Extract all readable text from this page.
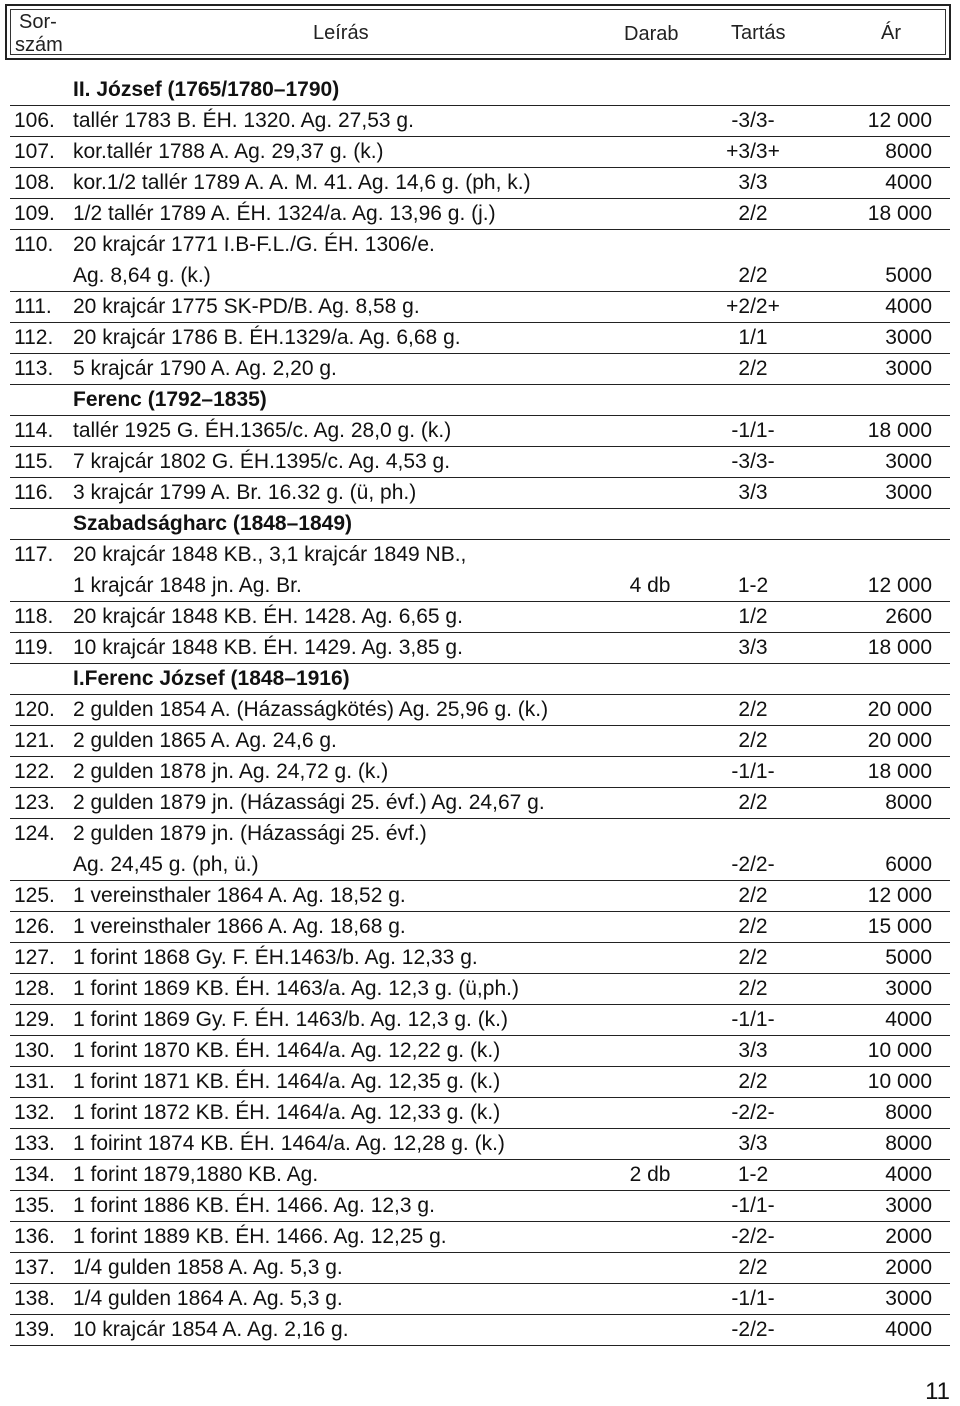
Sor-
szám
Leírás	Darab	Tartás	Ár
II. József (1765/1780–1790)
106. tallér 1783 B. ÉH. 1320. Ag. 27,53 g.	-3/3-	12 000
107. kor.tallér 1788 A. Ag. 29,37 g. (k.)	+3/3+	8000
108. kor.1/2 tallér 1789 A. A. M. 41. Ag. 14,6 g. (ph, k.)	3/3	4000
109. 1/2 tallér 1789 A. ÉH. 1324/a. Ag. 13,96 g. (j.)	2/2	18 000
110. 20 krajcár 1771 I.B-F.L./G. ÉH. 1306/e.
Ag. 8,64 g. (k.)	2/2	5000
111. 20 krajcár 1775 SK-PD/B. Ag. 8,58 g.	+2/2+	4000
112. 20 krajcár 1786 B. ÉH.1329/a. Ag. 6,68 g.	1/1	3000
113. 5 krajcár 1790 A. Ag. 2,20 g.	2/2	3000
Ferenc (1792–1835)
114. tallér 1925 G. ÉH.1365/c. Ag. 28,0 g. (k.)	-1/1-	18 000
115. 7 krajcár 1802 G. ÉH.1395/c. Ag. 4,53 g.	-3/3-	3000
116. 3 krajcár 1799 A. Br. 16.32 g. (ü, ph.)	3/3	3000
Szabadságharc (1848–1849)
117. 20 krajcár 1848 KB., 3,1 krajcár 1849 NB.,
1 krajcár 1848 jn. Ag. Br.	4 db	1-2	12 000
118. 20 krajcár 1848 KB. ÉH. 1428. Ag. 6,65 g.	1/2	2600
119. 10 krajcár 1848 KB. ÉH. 1429. Ag. 3,85 g.	3/3	18 000
I.Ferenc József (1848–1916)
120. 2 gulden 1854 A. (Házasságkötés) Ag. 25,96 g. (k.)	2/2	20 000
121. 2 gulden 1865 A. Ag. 24,6 g.	2/2	20 000
122. 2 gulden 1878 jn. Ag. 24,72 g. (k.)	-1/1-	18 000
123. 2 gulden 1879 jn. (Házassági 25. évf.) Ag. 24,67 g.	2/2	8000
124. 2 gulden 1879 jn. (Házassági 25. évf.)
Ag. 24,45 g. (ph, ü.)	-2/2-	6000
125. 1 vereinsthaler 1864 A. Ag. 18,52 g.	2/2	12 000
126. 1 vereinsthaler 1866 A. Ag. 18,68 g.	2/2	15 000
127. 1 forint 1868 Gy. F. ÉH.1463/b. Ag. 12,33 g.	2/2	5000
128. 1 forint 1869 KB. ÉH. 1463/a. Ag. 12,3 g. (ü,ph.)	2/2	3000
129. 1 forint 1869 Gy. F. ÉH. 1463/b. Ag. 12,3 g. (k.)	-1/1-	4000
130. 1 forint 1870 KB. ÉH. 1464/a. Ag. 12,22 g. (k.)	3/3	10 000
131. 1 forint 1871 KB. ÉH. 1464/a. Ag. 12,35 g. (k.)	2/2	10 000
132. 1 forint 1872 KB. ÉH. 1464/a. Ag. 12,33 g. (k.)	-2/2-	8000
133. 1 foirint 1874 KB. ÉH. 1464/a. Ag. 12,28 g. (k.)	3/3	8000
134. 1 forint 1879,1880 KB. Ag.	2 db	1-2	4000
135. 1 forint 1886 KB. ÉH. 1466. Ag. 12,3 g.	-1/1-	3000
136. 1 forint 1889 KB. ÉH. 1466. Ag. 12,25 g.	-2/2-	2000
137. 1/4 gulden 1858 A. Ag. 5,3 g.	2/2	2000
138. 1/4 gulden 1864 A. Ag. 5,3 g.	-1/1-	3000
139. 10 krajcár 1854 A. Ag. 2,16 g.	-2/2-	4000
11
